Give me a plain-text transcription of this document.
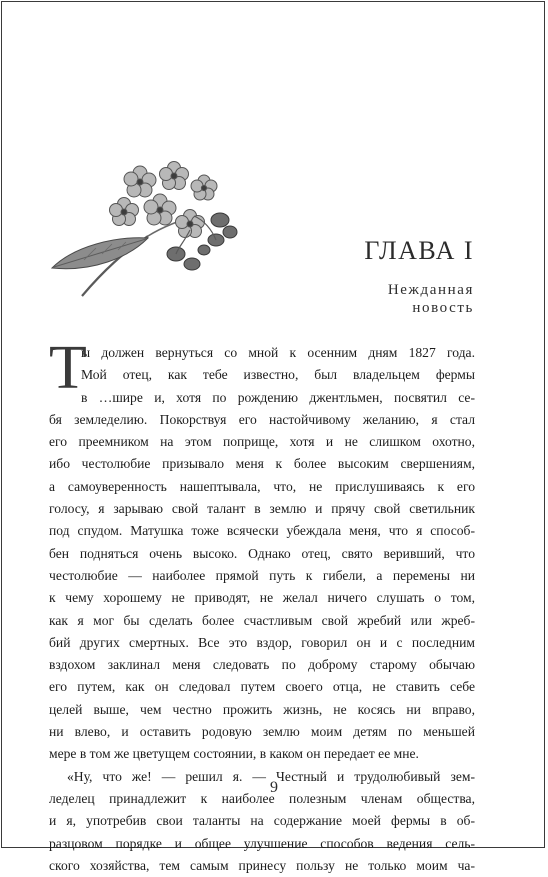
ГЛАВА I
Нежданная
новость
Т
ы должен вернуться со мной к осенним дням 1827 года.
Мой отец, как тебе известно, был владельцем фермы
в …шире и, хотя по рождению джентльмен, посвятил се-
бя земледелию. Покорствуя его настойчивому желанию, я стал
его преемником на этом поприще, хотя и не слишком охотно,
ибо честолюбие призывало меня к более высоким свершениям,
а самоуверенность нашептывала, что, не прислушиваясь к его
голосу, я зарываю свой талант в землю и прячу свой светильник
под спудом. Матушка тоже всячески убеждала меня, что я способ-
бен подняться очень высоко. Однако отец, свято веривший, что
честолюбие — наиболее прямой путь к гибели, а перемены ни
к чему хорошему не приводят, не желал ничего слушать о том,
как я мог бы сделать более счастливым свой жребий или жреб-
бий других смертных. Все это вздор, говорил он и с последним
вздохом заклинал меня следовать по доброму старому обычаю
его путем, как он следовал путем своего отца, не ставить себе
целей выше, чем честно прожить жизнь, не косясь ни вправо,
ни влево, и оставить родовую землю моим детям по меньшей
мере в том же цветущем состоянии, в каком он передает ее мне.
«Ну, что же! — решил я. — Честный и трудолюбивый зем-
леделец принадлежит к наиболее полезным членам общества,
и я, употребив свои таланты на содержание моей фермы в об-
разцовом порядке и общее улучшение способов ведения сель-
ского хозяйства, тем самым принесу пользу не только моим ча-
9
